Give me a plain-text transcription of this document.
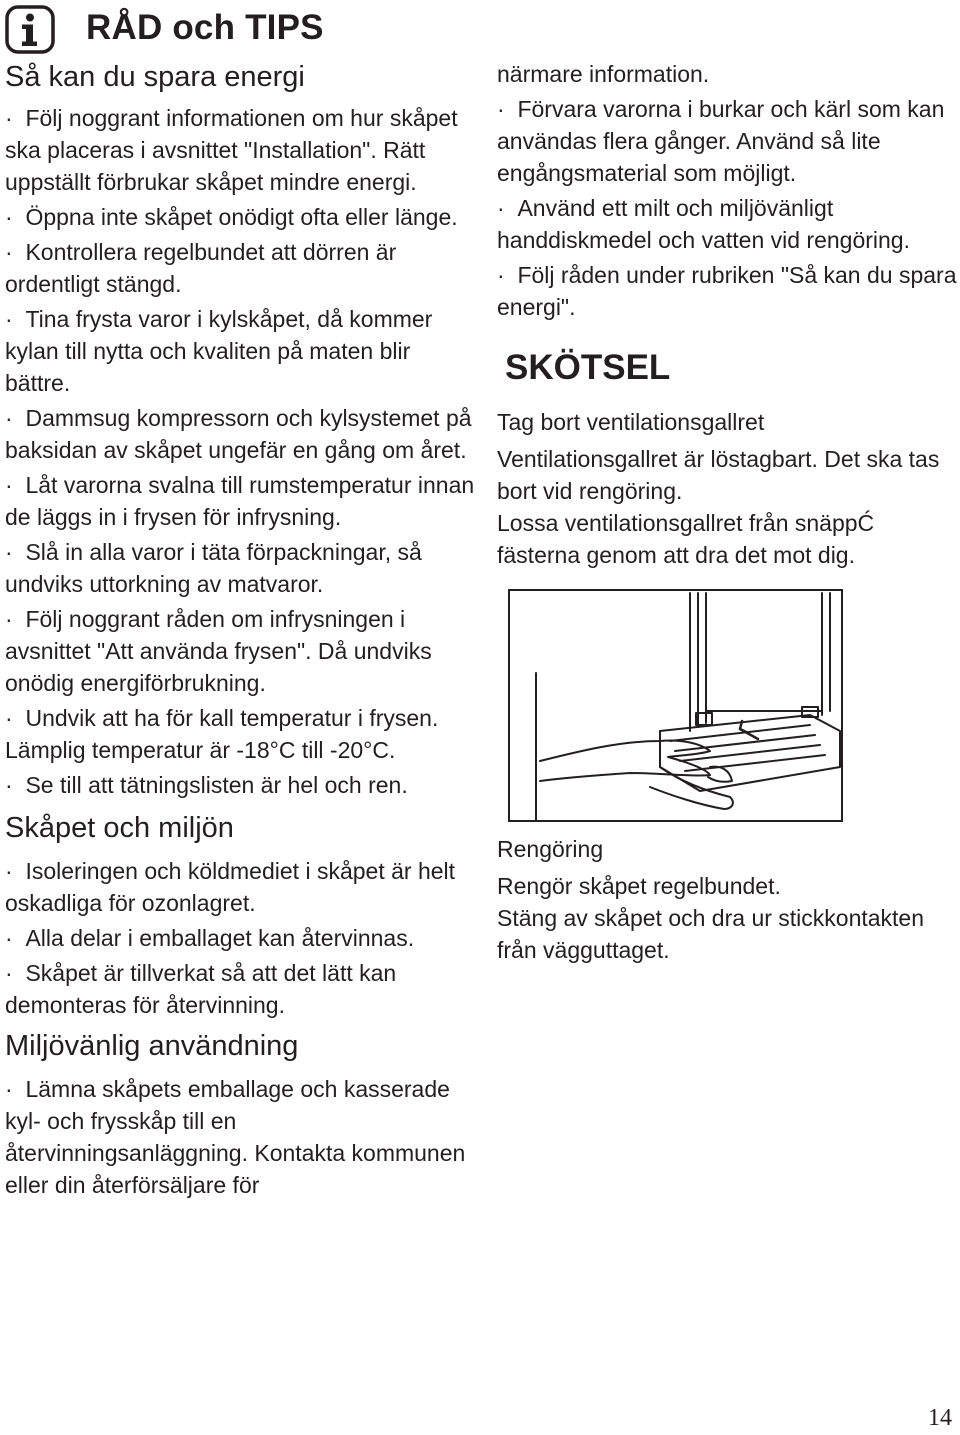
RÅD och TIPS
Så kan du spara energi
·  Följ noggrant informationen om hur skåpet ska placeras i avsnittet "Installation". Rätt uppställt förbrukar skåpet mindre energi.
·  Öppna inte skåpet onödigt ofta eller länge.
·  Kontrollera regelbundet att dörren är ordentligt stängd.
·  Tina frysta varor i kylskåpet, då kommer kylan till nytta och kvaliten på maten blir bättre.
·  Dammsug kompressorn och kylsystemet på baksidan av skåpet ungefär en gång om året.
·  Låt varorna svalna till rumstemperatur innan de läggs in i frysen för infrysning.
·  Slå in alla varor i täta förpackningar, så undviks uttorkning av matvaror.
·  Följ noggrant råden om infrysningen i avsnittet "Att använda frysen". Då undviks onödig energiförbrukning.
·  Undvik att ha för kall temperatur i frysen. Lämplig temperatur är -18°C till -20°C.
·  Se till att tätningslisten är hel och ren.
Skåpet och miljön
·  Isoleringen och köldmediet i skåpet är helt oskadliga för ozonlagret.
·  Alla delar i emballaget kan återvinnas.
·  Skåpet är tillverkat så att det lätt kan demonteras för återvinning.
Miljövänlig användning
·  Lämna skåpets emballage och kasserade kyl- och frysskåp till en återvinningsanläggning. Kontakta kommunen eller din återförsäljare för

närmare information.

·  Förvara varorna i burkar och kärl som kan användas flera gånger. Använd så lite engångsmaterial som möjligt.
·  Använd ett milt och miljövänligt handdiskmedel och vatten vid rengöring.
·  Följ råden under rubriken "Så kan du spara energi".
SKÖTSEL
Tag bort ventilationsgallret

Ventilationsgallret är löstagbart. Det ska tas bort vid rengöring.

Lossa ventilationsgallret från snäppĆ fästerna genom att dra det mot dig.

Rengöring

Rengör skåpet regelbundet.

Stäng av skåpet och dra ur stickkontakten från vägguttaget.

14
